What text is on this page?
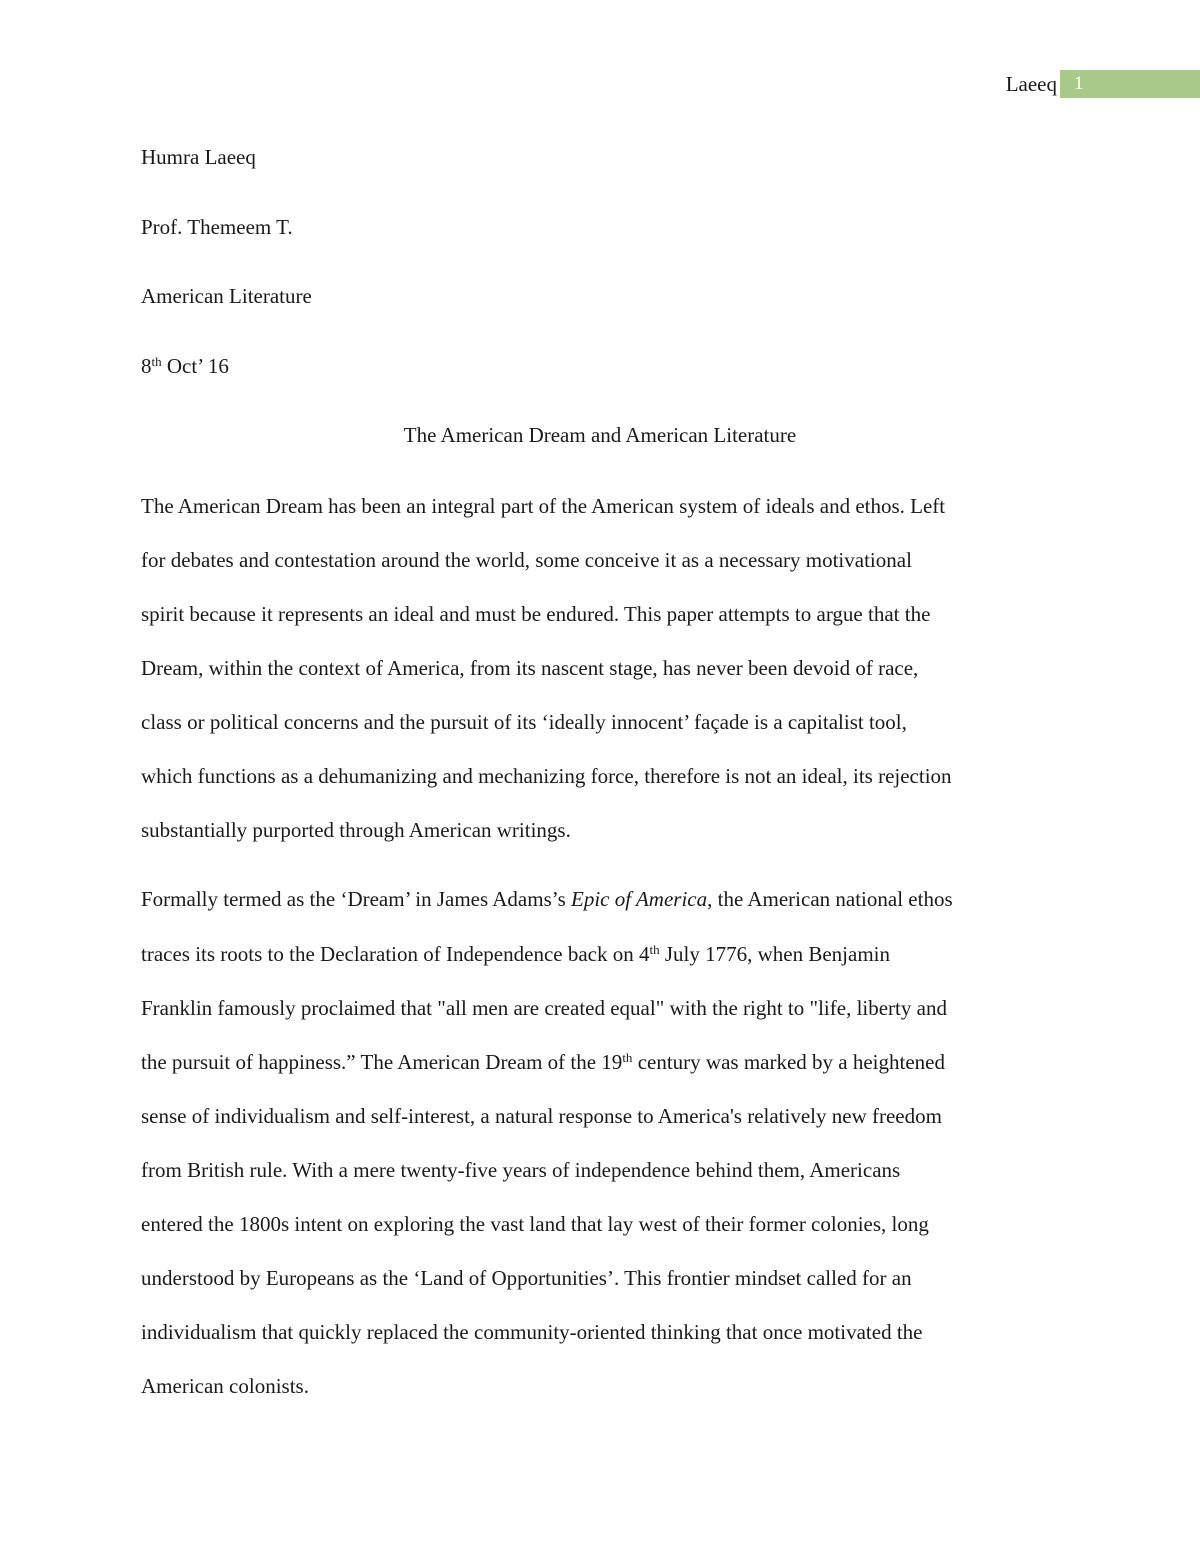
Laeeq 1
Humra Laeeq
Prof. Themeem T.
American Literature
8th Oct’ 16
The American Dream and American Literature
The American Dream has been an integral part of the American system of ideals and ethos. Left
for debates and contestation around the world, some conceive it as a necessary motivational
spirit because it represents an ideal and must be endured. This paper attempts to argue that the
Dream, within the context of America, from its nascent stage, has never been devoid of race,
class or political concerns and the pursuit of its ‘ideally innocent’ façade is a capitalist tool,
which functions as a dehumanizing and mechanizing force, therefore is not an ideal, its rejection
substantially purported through American writings.
Formally termed as the ‘Dream’ in James Adams’s Epic of America, the American national ethos
traces its roots to the Declaration of Independence back on 4th July 1776, when Benjamin
Franklin famously proclaimed that "all men are created equal" with the right to "life, liberty and
the pursuit of happiness.” The American Dream of the 19th century was marked by a heightened
sense of individualism and self-interest, a natural response to America's relatively new freedom
from British rule. With a mere twenty-five years of independence behind them, Americans
entered the 1800s intent on exploring the vast land that lay west of their former colonies, long
understood by Europeans as the ‘Land of Opportunities’. This frontier mindset called for an
individualism that quickly replaced the community-oriented thinking that once motivated the
American colonists.
